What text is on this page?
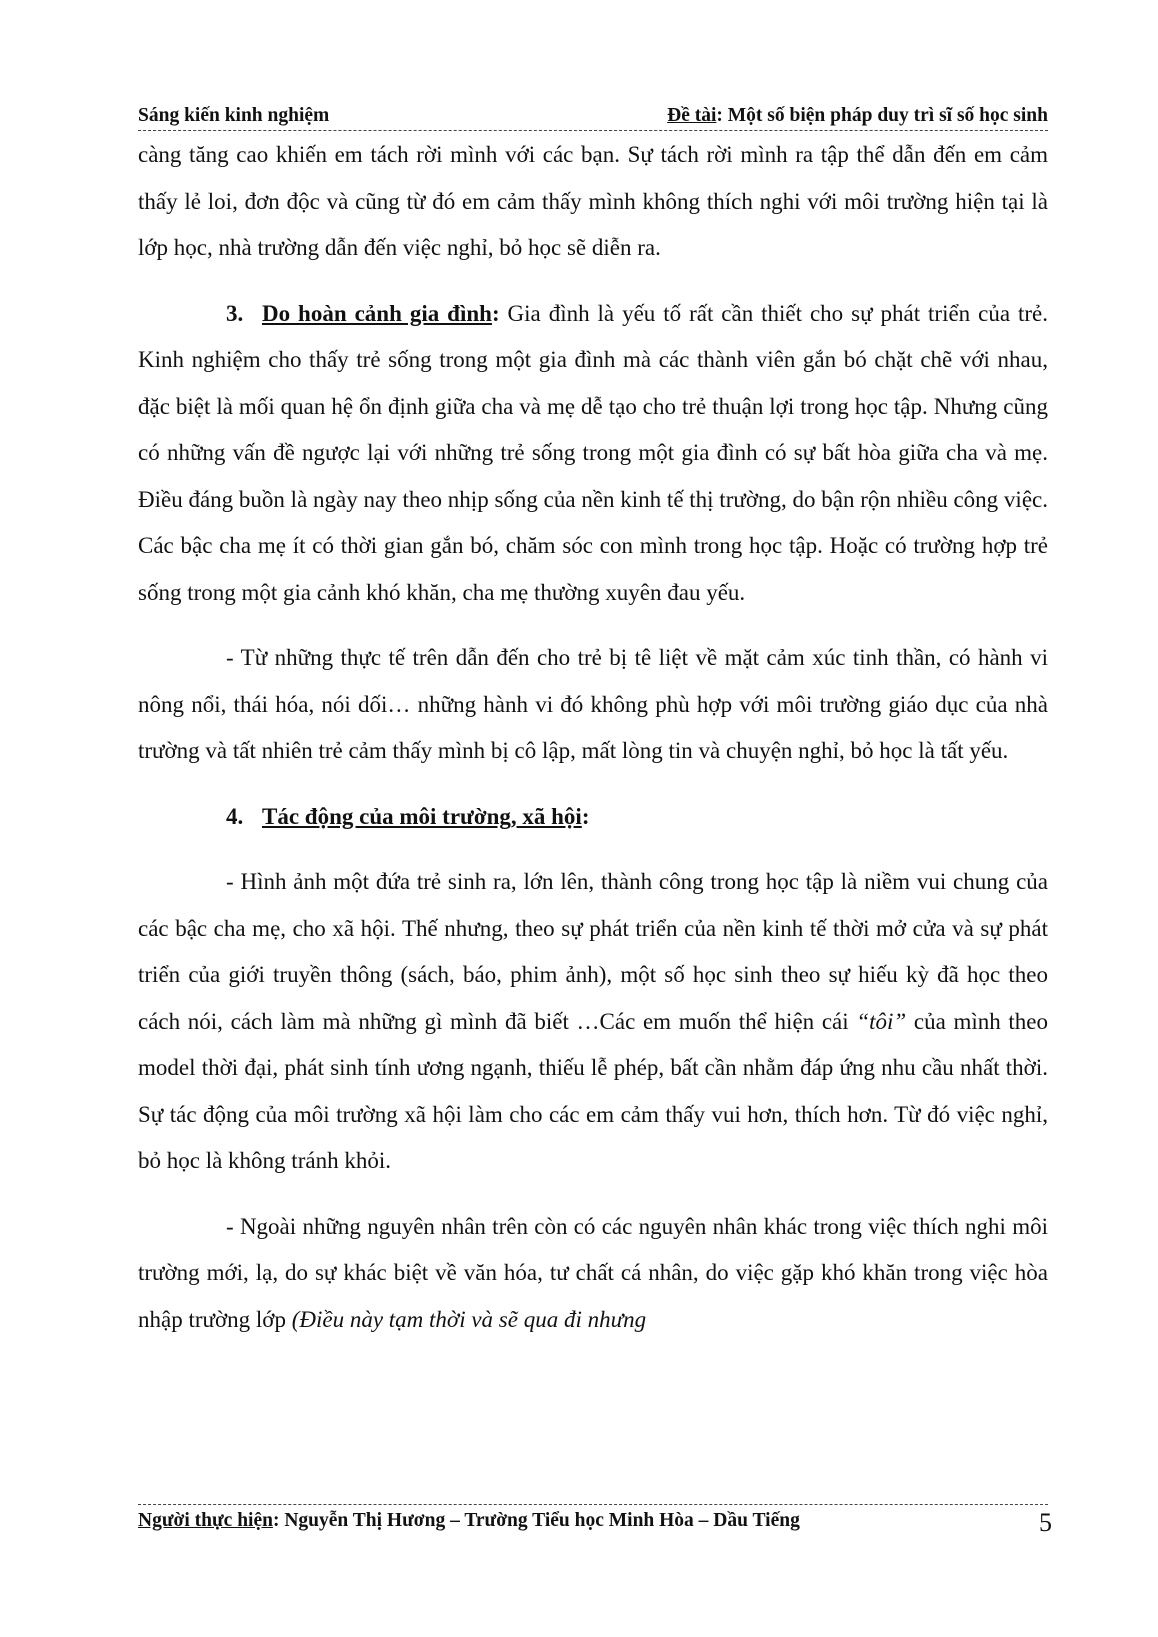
Sáng kiến kinh nghiệm	Đề tài: Một số biện pháp duy trì sĩ số học sinh

càng tăng cao khiến em tách rời mình với các bạn. Sự tách rời mình ra tập thể dẫn đến em cảm thấy lẻ loi, đơn độc và cũng từ đó em cảm thấy mình không thích nghi với môi trường hiện tại là lớp học, nhà trường dẫn đến việc nghỉ, bỏ học sẽ diễn ra.

3. Do hoàn cảnh gia đình: Gia đình là yếu tố rất cần thiết cho sự phát triển của trẻ. Kinh nghiệm cho thấy trẻ sống trong một gia đình mà các thành viên gắn bó chặt chẽ với nhau, đặc biệt là mối quan hệ ổn định giữa cha và mẹ dễ tạo cho trẻ thuận lợi trong học tập. Nhưng cũng có những vấn đề ngược lại với những trẻ sống trong một gia đình có sự bất hòa giữa cha và mẹ. Điều đáng buồn là ngày nay theo nhịp sống của nền kinh tế thị trường, do bận rộn nhiều công việc. Các bậc cha mẹ ít có thời gian gắn bó, chăm sóc con mình trong học tập. Hoặc có trường hợp trẻ sống trong một gia cảnh khó khăn, cha mẹ thường xuyên đau yếu.

- Từ những thực tế trên dẫn đến cho trẻ bị tê liệt về mặt cảm xúc tinh thần, có hành vi nông nổi, thái hóa, nói dối… những hành vi đó không phù hợp với môi trường giáo dục của nhà trường và tất nhiên trẻ cảm thấy mình bị cô lập, mất lòng tin và chuyện nghỉ, bỏ học là tất yếu.

4. Tác động của môi trường, xã hội:

- Hình ảnh một đứa trẻ sinh ra, lớn lên, thành công trong học tập là niềm vui chung của các bậc cha mẹ, cho xã hội. Thế nhưng, theo sự phát triển của nền kinh tế thời mở cửa và sự phát triển của giới truyền thông (sách, báo, phim ảnh), một số học sinh theo sự hiếu kỳ đã học theo cách nói, cách làm mà những gì mình đã biết …Các em muốn thể hiện cái “tôi” của mình theo model thời đại, phát sinh tính ương ngạnh, thiếu lễ phép, bất cần nhằm đáp ứng nhu cầu nhất thời. Sự tác động của môi trường xã hội làm cho các em cảm thấy vui hơn, thích hơn. Từ đó việc nghỉ, bỏ học là không tránh khỏi.

- Ngoài những nguyên nhân trên còn có các nguyên nhân khác trong việc thích nghi môi trường mới, lạ, do sự khác biệt về văn hóa, tư chất cá nhân, do việc gặp khó khăn trong việc hòa nhập trường lớp (Điều này tạm thời và sẽ qua đi nhưng

Người thực hiện: Nguyễn Thị Hương – Trường Tiểu học Minh Hòa – Dầu Tiếng	5
